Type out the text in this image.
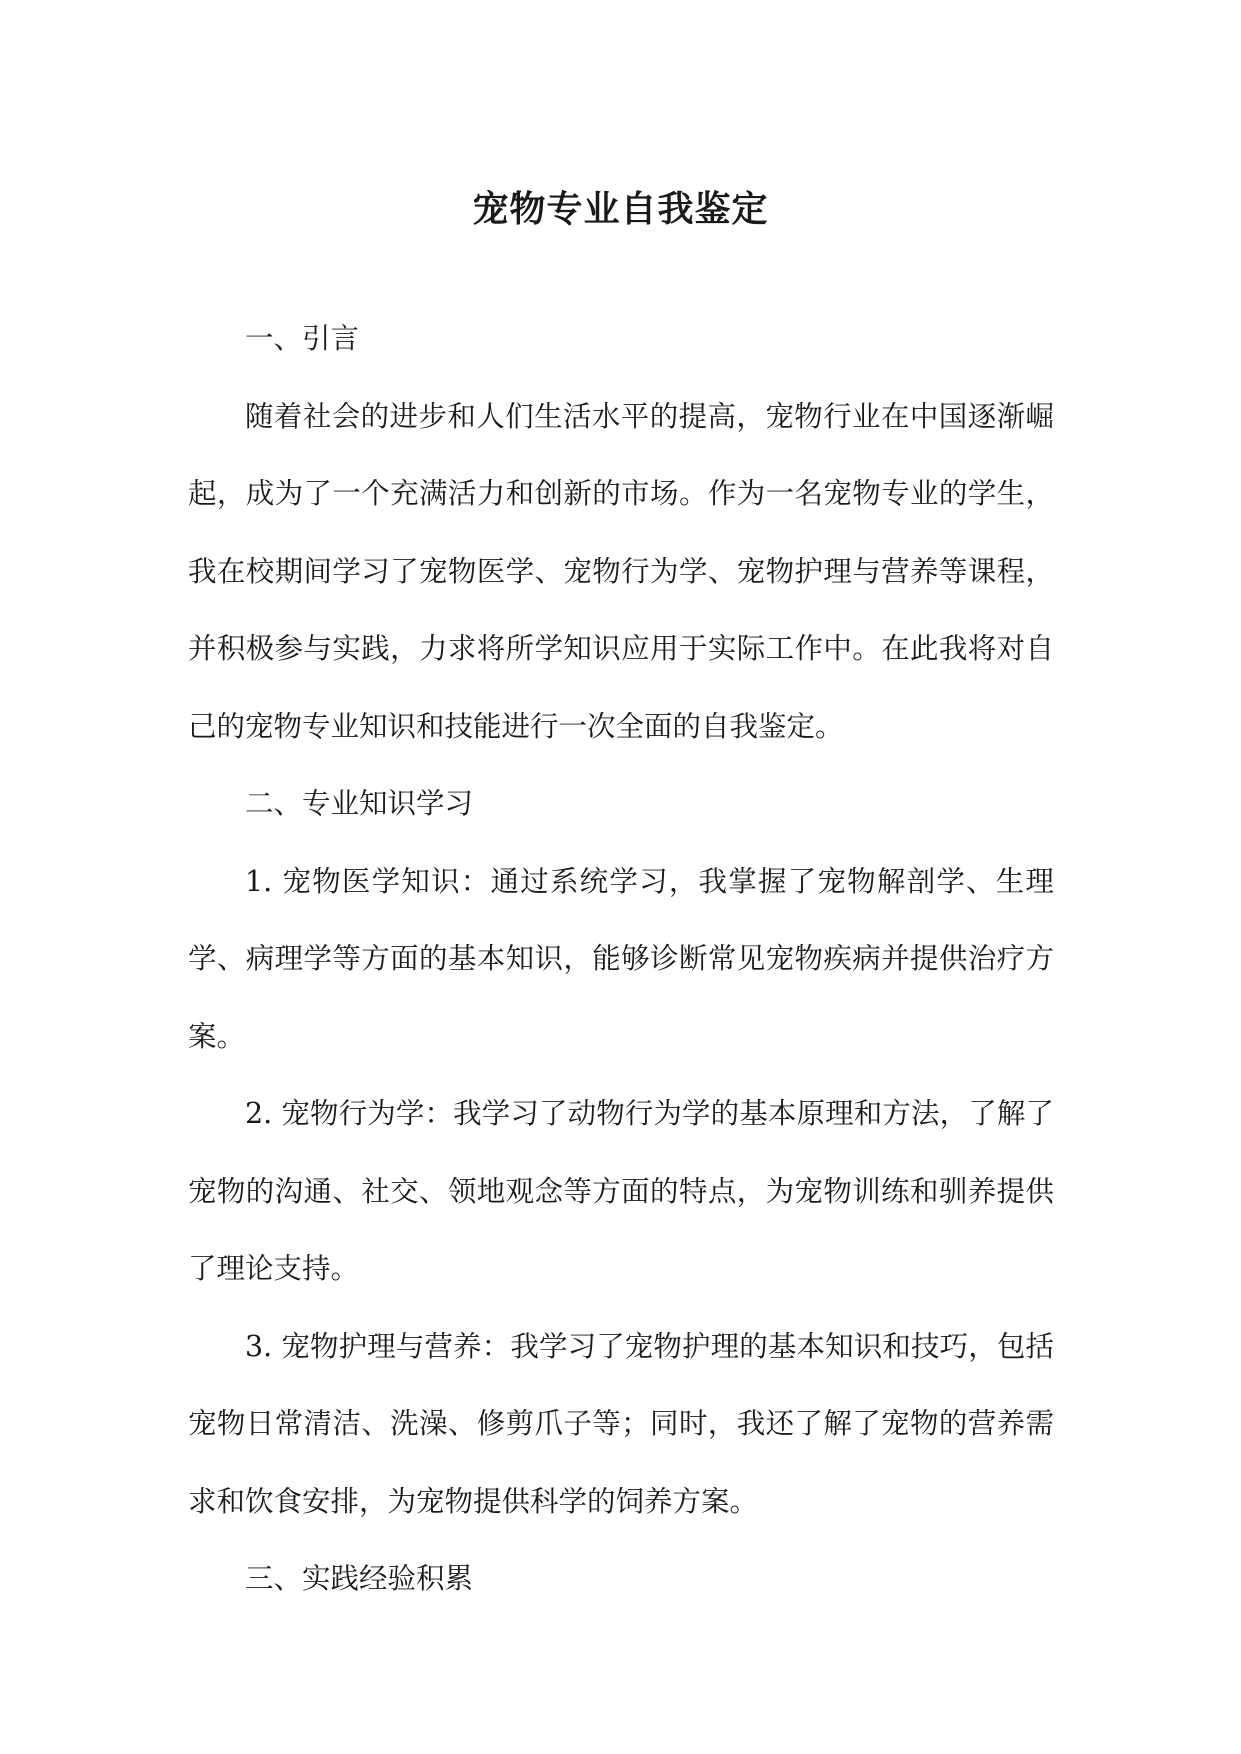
宠物专业自我鉴定

一、引言

随着社会的进步和人们生活水平的提高，宠物行业在中国逐渐崛起，成为了一个充满活力和创新的市场。作为一名宠物专业的学生，我在校期间学习了宠物医学、宠物行为学、宠物护理与营养等课程，并积极参与实践，力求将所学知识应用于实际工作中。在此我将对自己的宠物专业知识和技能进行一次全面的自我鉴定。

二、专业知识学习

1. 宠物医学知识：通过系统学习，我掌握了宠物解剖学、生理学、病理学等方面的基本知识，能够诊断常见宠物疾病并提供治疗方案。

2. 宠物行为学：我学习了动物行为学的基本原理和方法，了解了宠物的沟通、社交、领地观念等方面的特点，为宠物训练和驯养提供了理论支持。

3. 宠物护理与营养：我学习了宠物护理的基本知识和技巧，包括宠物日常清洁、洗澡、修剪爪子等；同时，我还了解了宠物的营养需求和饮食安排，为宠物提供科学的饲养方案。

三、实践经验积累
